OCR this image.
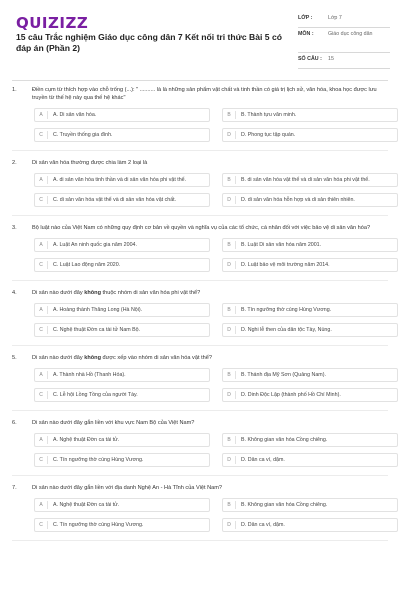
QUIZIZZ
15 câu Trắc nghiệm Giáo dục công dân 7 Kết nối tri thức Bài 5 có đáp án (Phần 2)
LỚP :	Lớp 7
MÔN :	Giáo dục công dân
SỐ CÂU :	15
1.	Điền cụm từ thích hợp vào chỗ trống (...): " .......... là là những sản phẩm vật chất và tinh thần có giá trị lịch sử, văn hóa, khoa học được lưu truyền từ thế hệ này qua thế hệ khác"
A	A. Di sản văn hóa.	B	B. Thành tựu văn minh.
C	C. Truyền thống gia đình.	D	D. Phong tục tập quán.
2.	Di sản văn hóa thường được chia làm 2 loại là
A	A. di sản văn hóa tinh thần và di sản văn hóa phi vật thể.	B	B. di sản văn hóa vật thể và di sản văn hóa phi vật thể.
C	C. di sản văn hóa vật thể và di sản văn hóa vật chất.	D	D. di sản văn hóa hỗn hợp và di sản thiên nhiên.
3.	Bộ luật nào của Việt Nam có những quy định cơ bản về quyền và nghĩa vụ của các tổ chức, cá nhân đối với việc bảo vệ di sản văn hóa?
A	A. Luật An ninh quốc gia năm 2004.	B	B. Luật Di sản văn hóa năm 2001.
C	C. Luật Lao động năm 2020.	D	D. Luật bảo vệ môi trường năm 2014.
4.	Di sản nào dưới đây không thuộc nhóm di sản văn hóa phi vật thể?
A	A. Hoàng thành Thăng Long (Hà Nội).	B	B. Tín ngưỡng thờ cúng Hùng Vương.
C	C. Nghệ thuật Đờn ca tài tử Nam Bộ.	D	D. Nghi lễ then của dân tộc Tày, Nùng.
5.	Di sản nào dưới đây không được xếp vào nhóm di sản văn hóa vật thể?
A	A. Thành nhà Hồ (Thanh Hóa).	B	B. Thánh địa Mỹ Sơn (Quảng Nam).
C	C. Lễ hội Lồng Tồng của người Tày.	D	D. Dinh Độc Lập (thành phố Hồ Chí Minh).
6.	Di sản nào dưới đây gắn liền với khu vực Nam Bộ của Việt Nam?
A	A. Nghệ thuật Đờn ca tài tử.	B	B. Không gian văn hóa Cồng chiêng.
C	C. Tín ngưỡng thờ cúng Hùng Vương.	D	D. Dân ca ví, dặm.
7.	Di sản nào dưới đây gắn liền với địa danh Nghệ An - Hà Tĩnh của Việt Nam?
A	A. Nghệ thuật Đờn ca tài tử.	B	B. Không gian văn hóa Cồng chiêng.
C	C. Tín ngưỡng thờ cúng Hùng Vương.	D	D. Dân ca ví, dặm.
